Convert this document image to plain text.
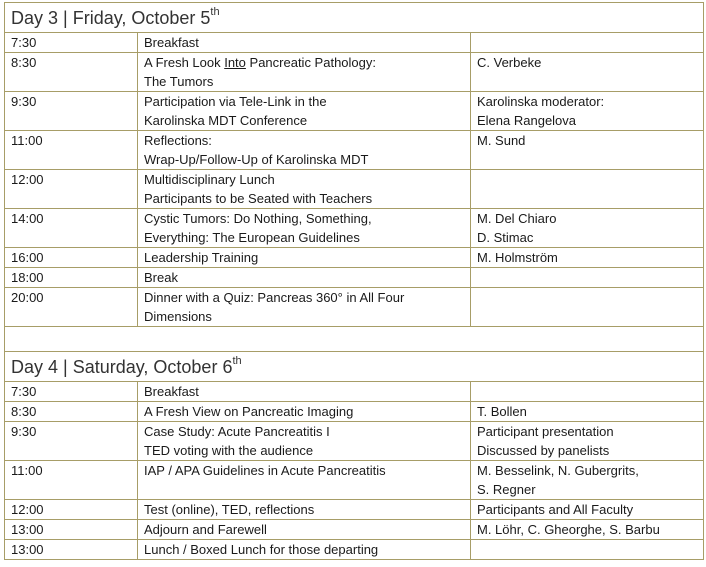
Day 3 | Friday, October 5th
7:30	Breakfast	

8:30	A Fresh Look Into Pancreatic Pathology:
The Tumors	C. Verbeke

9:30	Participation via Tele-Link in the
Karolinska MDT Conference	Karolinska moderator:
Elena Rangelova

11:00	Reflections:
Wrap-Up/Follow-Up of Karolinska MDT	M. Sund

12:00	Multidisciplinary Lunch
Participants to be Seated with Teachers	

14:00	Cystic Tumors: Do Nothing, Something,
Everything: The European Guidelines	M. Del Chiaro
D. Stimac

16:00	Leadership Training	M. Holmström

18:00	Break	

20:00	Dinner with a Quiz: Pancreas 360° in All Four
Dimensions	

Day 4 | Saturday, October 6th
7:30	Breakfast	

8:30	A Fresh View on Pancreatic Imaging	T. Bollen

9:30	Case Study: Acute Pancreatitis I
TED voting with the audience	Participant presentation
Discussed by panelists

11:00	IAP / APA Guidelines in Acute Pancreatitis	M. Besselink, N. Gubergrits,
S. Regner

12:00	Test (online), TED, reflections	Participants and All Faculty

13:00	Adjourn and Farewell	M. Löhr, C. Gheorghe, S. Barbu

13:00	Lunch / Boxed Lunch for those departing	
